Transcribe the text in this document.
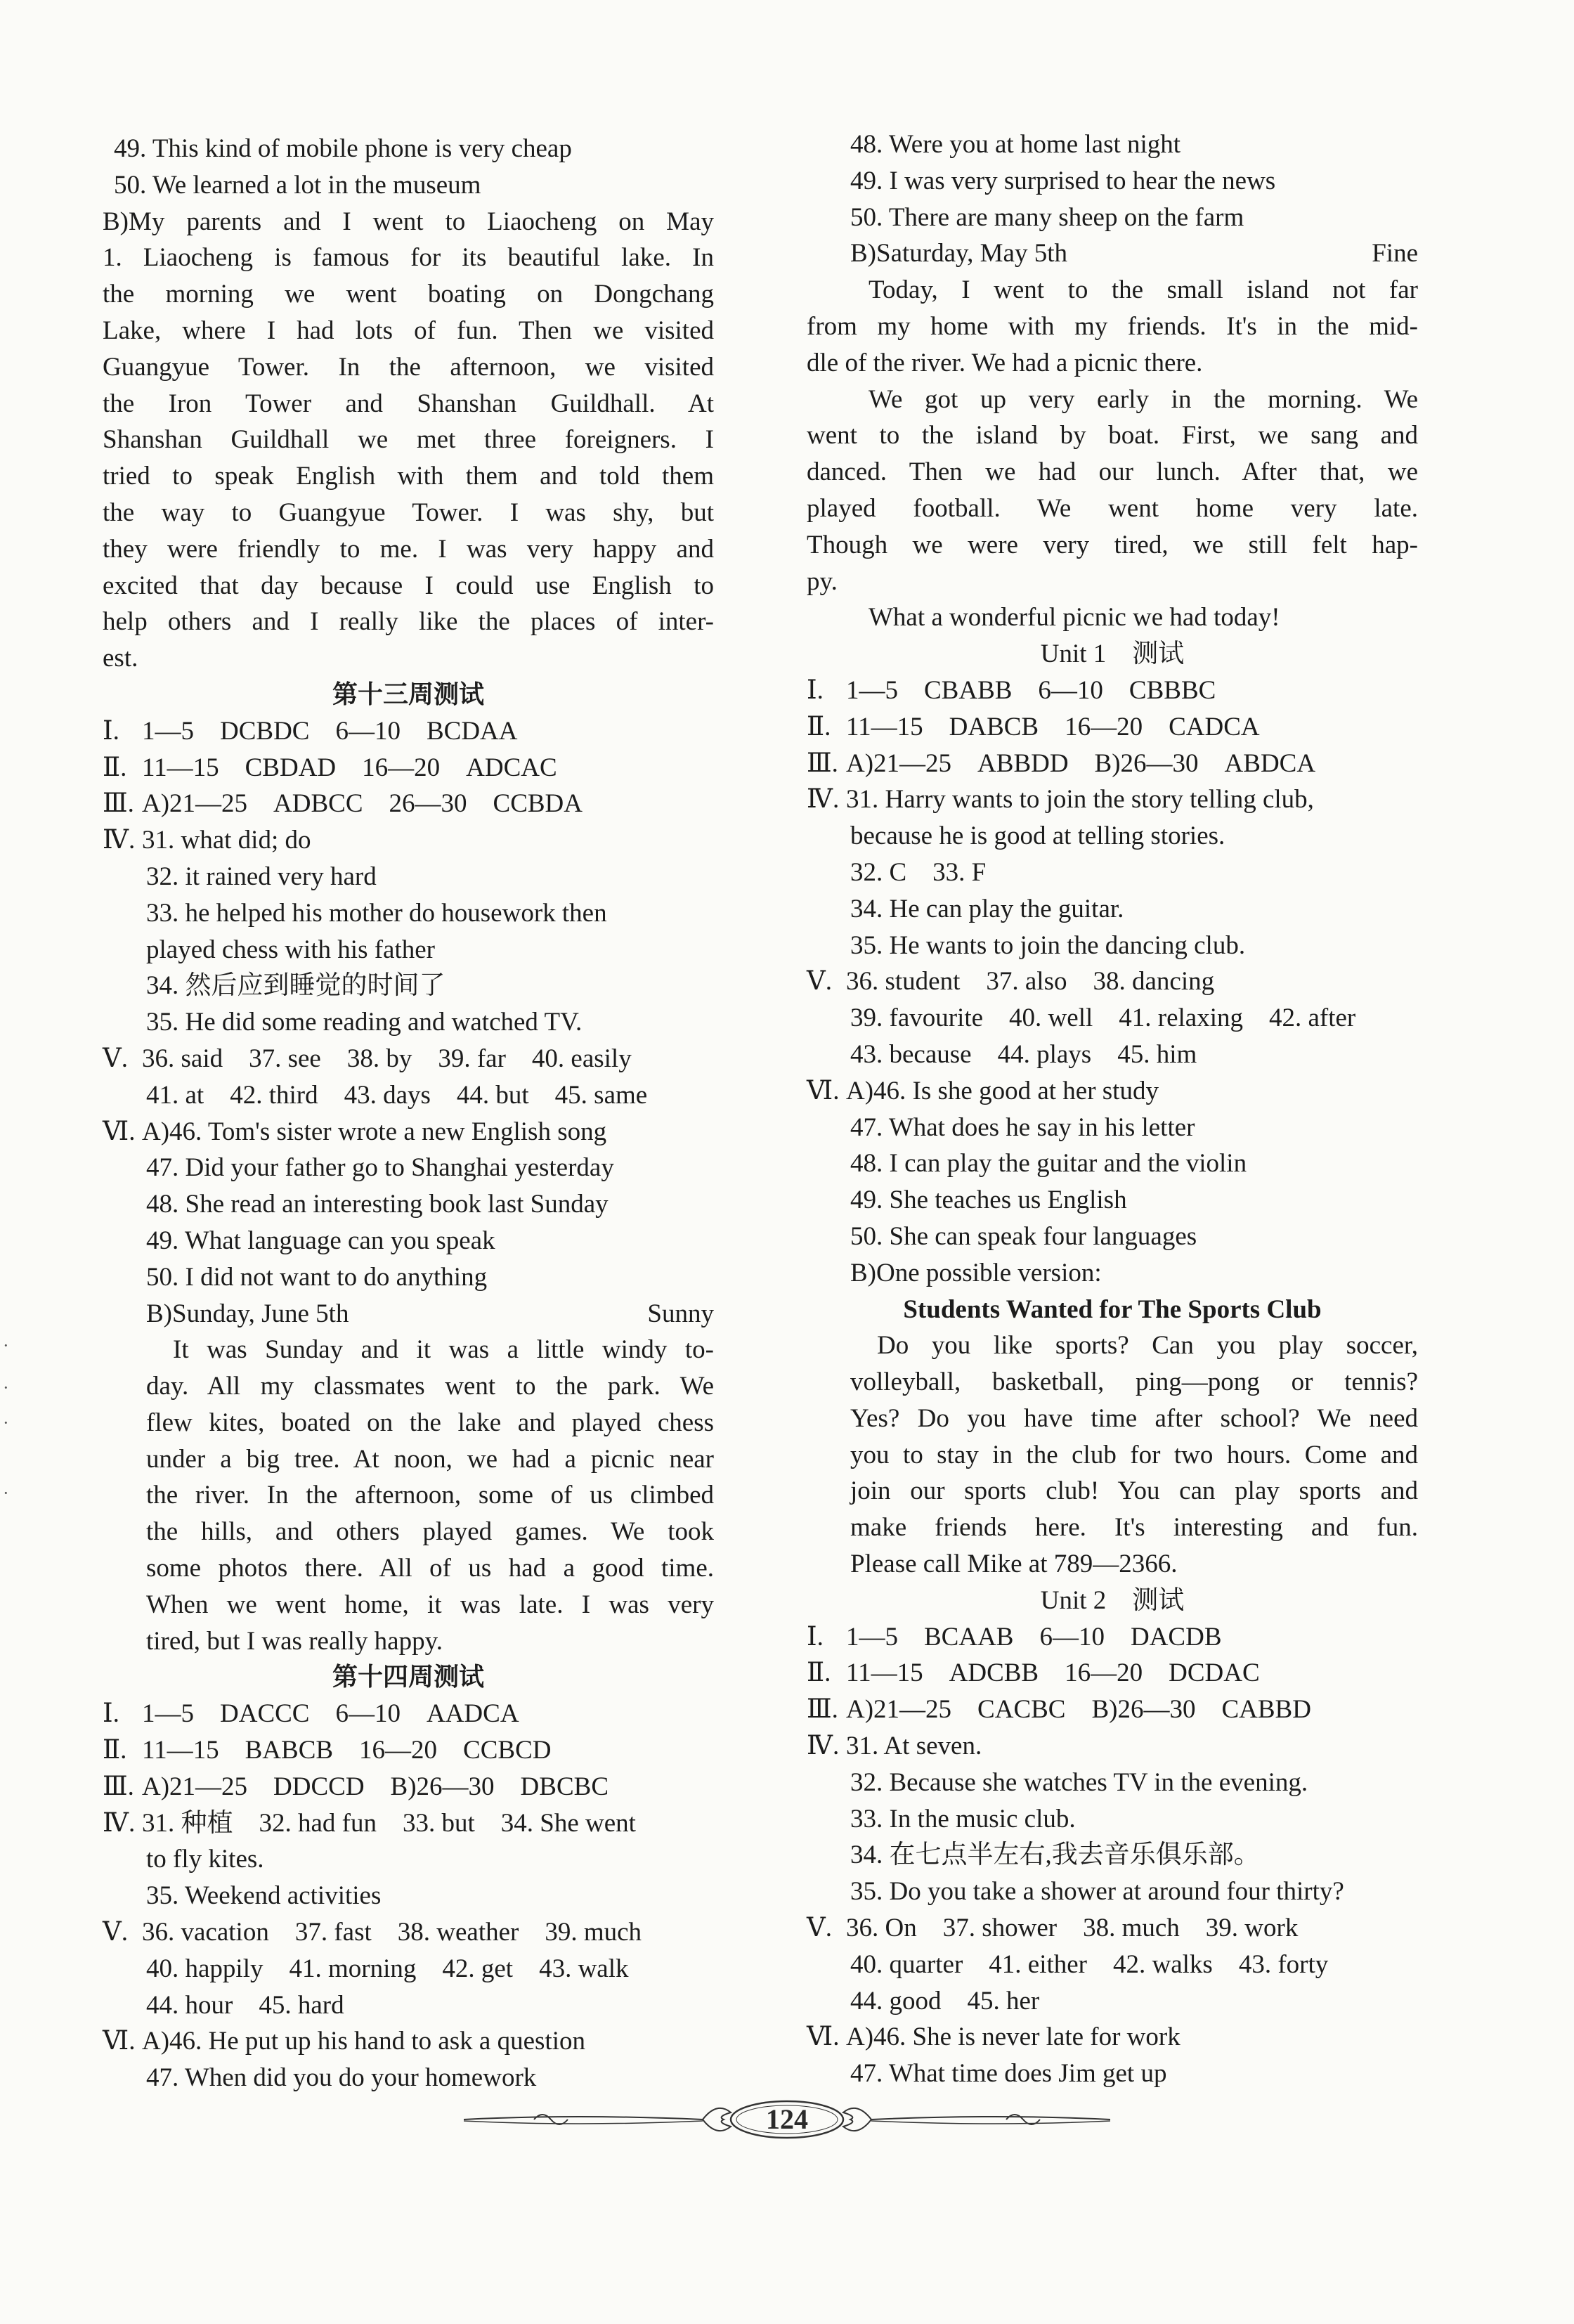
49. This kind of mobile phone is very cheap
50. We learned a lot in the museum
B)My parents and I went to Liaocheng on May
1. Liaocheng is famous for its beautiful lake. In
the morning we went boating on Dongchang
Lake, where I had lots of fun. Then we visited
Guangyue Tower. In the afternoon, we visited
the Iron Tower and Shanshan Guildhall. At
Shanshan Guildhall we met three foreigners. I
tried to speak English with them and told them
the way to Guangyue Tower. I was shy, but
they were friendly to me. I was very happy and
excited that day because I could use English to
help others and I really like the places of inter-
est.
第十三周测试
Ⅰ. 1—5　DCBDC　6—10　BCDAA
Ⅱ. 11—15　CBDAD　16—20　ADCAC
Ⅲ. A)21—25　ADBCC　26—30　CCBDA
Ⅳ. 31. what did; do
32. it rained very hard
33. he helped his mother do housework then
played chess with his father
34. 然后应到睡觉的时间了
35. He did some reading and watched TV.
Ⅴ. 36. said　37. see　38. by　39. far　40. easily
41. at　42. third　43. days　44. but　45. same
Ⅵ. A)46. Tom's sister wrote a new English song
47. Did your father go to Shanghai yesterday
48. She read an interesting book last Sunday
49. What language can you speak
50. I did not want to do anything
B)Sunday, June 5th	Sunny
It was Sunday and it was a little windy to-
day. All my classmates went to the park. We
flew kites, boated on the lake and played chess
under a big tree. At noon, we had a picnic near
the river. In the afternoon, some of us climbed
the hills, and others played games. We took
some photos there. All of us had a good time.
When we went home, it was late. I was very
tired, but I was really happy.
第十四周测试
Ⅰ. 1—5　DACCC　6—10　AADCA
Ⅱ. 11—15　BABCB　16—20　CCBCD
Ⅲ. A)21—25　DDCCD　B)26—30　DBCBC
Ⅳ. 31. 种植　32. had fun　33. but　34. She went
to fly kites.
35. Weekend activities
Ⅴ. 36. vacation　37. fast　38. weather　39. much
40. happily　41. morning　42. get　43. walk
44. hour　45. hard
Ⅵ. A)46. He put up his hand to ask a question
47. When did you do your homework
48. Were you at home last night
49. I was very surprised to hear the news
50. There are many sheep on the farm
B)Saturday, May 5th	Fine
Today, I went to the small island not far
from my home with my friends. It's in the mid-
dle of the river. We had a picnic there.
We got up very early in the morning. We
went to the island by boat. First, we sang and
danced. Then we had our lunch. After that, we
played football. We went home very late.
Though we were very tired, we still felt hap-
py.
What a wonderful picnic we had today!
Unit 1　测试
Ⅰ. 1—5　CBABB　6—10　CBBBC
Ⅱ. 11—15　DABCB　16—20　CADCA
Ⅲ. A)21—25　ABBDD　B)26—30　ABDCA
Ⅳ. 31. Harry wants to join the story telling club,
because he is good at telling stories.
32. C　33. F
34. He can play the guitar.
35. He wants to join the dancing club.
Ⅴ. 36. student　37. also　38. dancing
39. favourite　40. well　41. relaxing　42. after
43. because　44. plays　45. him
Ⅵ. A)46. Is she good at her study
47. What does he say in his letter
48. I can play the guitar and the violin
49. She teaches us English
50. She can speak four languages
B)One possible version:
Students Wanted for The Sports Club
Do you like sports? Can you play soccer,
volleyball, basketball, ping—pong or tennis?
Yes? Do you have time after school? We need
you to stay in the club for two hours. Come and
join our sports club! You can play sports and
make friends here. It's interesting and fun.
Please call Mike at 789—2366.
Unit 2　测试
Ⅰ. 1—5　BCAAB　6—10　DACDB
Ⅱ. 11—15　ADCBB　16—20　DCDAC
Ⅲ. A)21—25　CACBC　B)26—30　CABBD
Ⅳ. 31. At seven.
32. Because she watches TV in the evening.
33. In the music club.
34. 在七点半左右,我去音乐俱乐部。
35. Do you take a shower at around four thirty?
Ⅴ. 36. On　37. shower　38. much　39. work
40. quarter　41. either　42. walks　43. forty
44. good　45. her
Ⅵ. A)46. She is never late for work
47. What time does Jim get up
124
·
·
·
·
